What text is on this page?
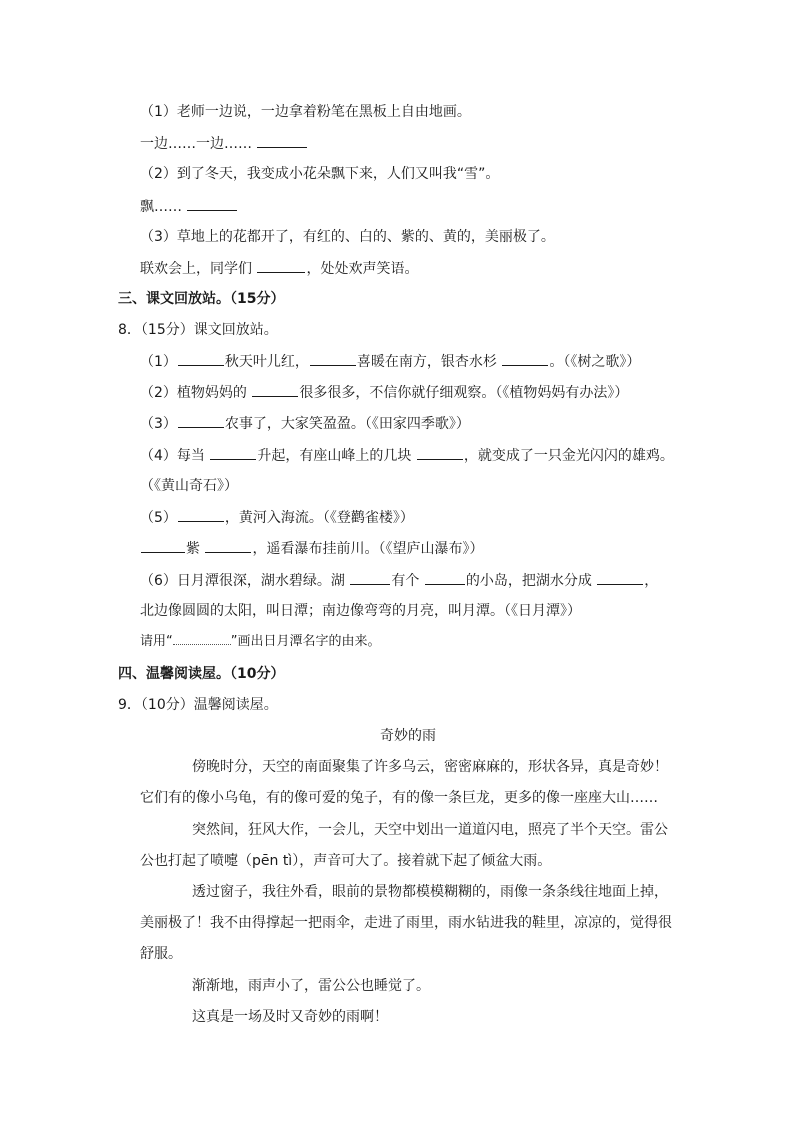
（1）老师一边说，一边拿着粉笔在黑板上自由地画。
一边……一边……
（2）到了冬天，我变成小花朵飘下来，人们又叫我“雪”。
飘……
（3）草地上的花都开了，有红的、白的、紫的、黄的，美丽极了。
联欢会上，同学们	，处处欢声笑语。
三、课文回放站。（15分）
8．（15分）课文回放站。
（1）	秋天叶儿红，	喜暖在南方，银杏水杉	。（《树之歌》）
（2）植物妈妈的	很多很多，不信你就仔细观察。（《植物妈妈有办法》）
（3）	农事了，大家笑盈盈。（《田家四季歌》）
（4）每当	升起，有座山峰上的几块	，就变成了一只金光闪闪的雄鸡。
（《黄山奇石》）
（5）	，黄河入海流。（《登鹳雀楼》）
紫	，遥看瀑布挂前川。（《望庐山瀑布》）
（6）日月潭很深，湖水碧绿。湖	有个	的小岛，把湖水分成	，
北边像圆圆的太阳，叫日潭；南边像弯弯的月亮，叫月潭。（《日月潭》）
请用“	”画出日月潭名字的由来。
四、温馨阅读屋。（10分）
9．（10分）温馨阅读屋。
奇妙的雨
傍晚时分，天空的南面聚集了许多乌云，密密麻麻的，形状各异，真是奇妙！
它们有的像小乌龟，有的像可爱的兔子，有的像一条巨龙，更多的像一座座大山……
突然间，狂风大作，一会儿，天空中划出一道道闪电，照亮了半个天空。雷公
公也打起了喷嚏（pēn tì），声音可大了。接着就下起了倾盆大雨。
透过窗子，我往外看，眼前的景物都模模糊糊的，雨像一条条线往地面上掉，
美丽极了！我不由得撑起一把雨伞，走进了雨里，雨水钻进我的鞋里，凉凉的，觉得很
舒服。
渐渐地，雨声小了，雷公公也睡觉了。
这真是一场及时又奇妙的雨啊！
